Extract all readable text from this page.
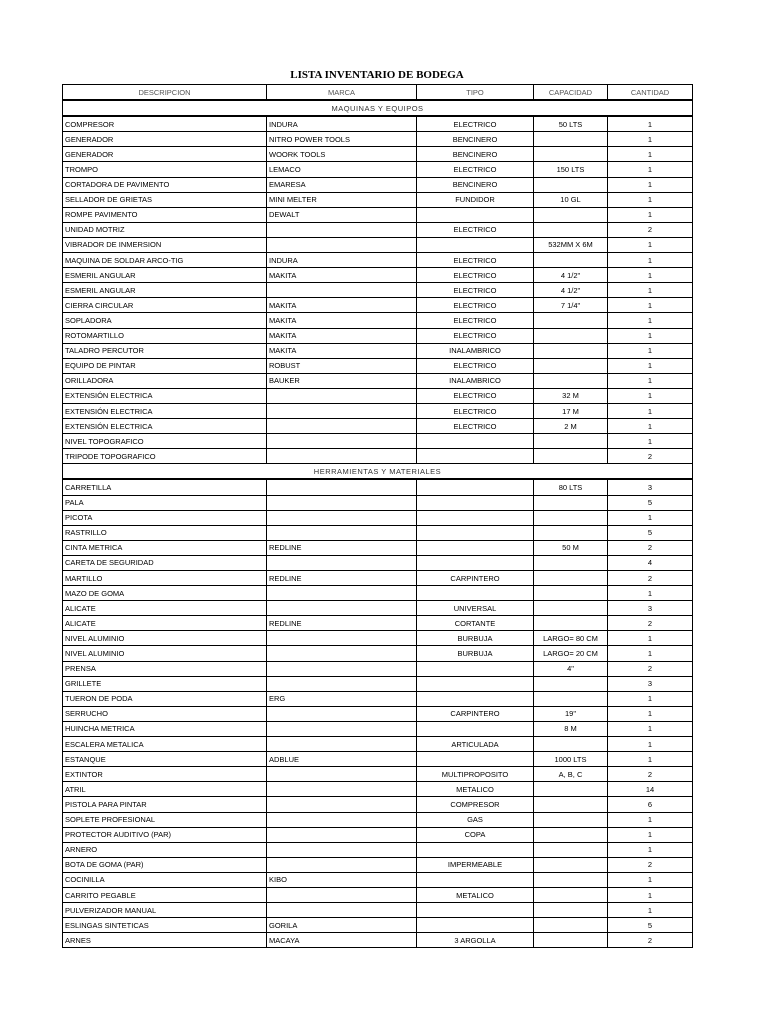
LISTA INVENTARIO DE BODEGA
DESCRIPCION	MARCA	TIPO	CAPACIDAD	CANTIDAD
MAQUINAS Y EQUIPOS				
COMPRESOR	INDURA	ELECTRICO	50 LTS	1
GENERADOR	NITRO POWER TOOLS	BENCINERO		1
GENERADOR	WOORK TOOLS	BENCINERO		1
TROMPO	LEMACO	ELECTRICO	150 LTS	1
CORTADORA DE PAVIMENTO	EMARESA	BENCINERO		1
SELLADOR DE GRIETAS	MINI MELTER	FUNDIDOR	10 GL	1
ROMPE PAVIMENTO	DEWALT			1
UNIDAD MOTRIZ		ELECTRICO		2
VIBRADOR DE INMERSION			532MM X 6M	1
MAQUINA DE SOLDAR ARCO-TIG	INDURA	ELECTRICO		1
ESMERIL ANGULAR	MAKITA	ELECTRICO	4 1/2"	1
ESMERIL ANGULAR		ELECTRICO	4 1/2"	1
CIERRA CIRCULAR	MAKITA	ELECTRICO	7 1/4"	1
SOPLADORA	MAKITA	ELECTRICO		1
ROTOMARTILLO	MAKITA	ELECTRICO		1
TALADRO PERCUTOR	MAKITA	INALAMBRICO		1
EQUIPO DE PINTAR	ROBUST	ELECTRICO		1
ORILLADORA	BAUKER	INALAMBRICO		1
EXTENSIÓN ELECTRICA		ELECTRICO	32 M	1
EXTENSIÓN ELECTRICA		ELECTRICO	17 M	1
EXTENSIÓN ELECTRICA		ELECTRICO	2 M	1
NIVEL TOPOGRAFICO				1
TRIPODE TOPOGRAFICO				2
HERRAMIENTAS Y MATERIALES				
CARRETILLA			80 LTS	3
PALA				5
PICOTA				1
RASTRILLO				5
CINTA METRICA	REDLINE		50 M	2
CARETA DE SEGURIDAD				4
MARTILLO	REDLINE	CARPINTERO		2
MAZO DE GOMA				1
ALICATE		UNIVERSAL		3
ALICATE	REDLINE	CORTANTE		2
NIVEL ALUMINIO		BURBUJA	LARGO= 80 CM	1
NIVEL ALUMINIO		BURBUJA	LARGO= 20 CM	1
PRENSA			4"	2
GRILLETE				3
TUERON DE PODA	ERG			1
SERRUCHO		CARPINTERO	19"	1
HUINCHA METRICA			8 M	1
ESCALERA METALICA		ARTICULADA		1
ESTANQUE	ADBLUE		1000 LTS	1
EXTINTOR		MULTIPROPOSITO	A, B, C	2
ATRIL		METALICO		14
PISTOLA PARA PINTAR		COMPRESOR		6
SOPLETE PROFESIONAL		GAS		1
PROTECTOR AUDITIVO (PAR)		COPA		1
ARNERO				1
BOTA DE GOMA (PAR)		IMPERMEABLE		2
COCINILLA	KIBO			1
CARRITO PEGABLE		METALICO		1
PULVERIZADOR MANUAL				1
ESLINGAS SINTETICAS	GORILA			5
ARNES	MACAYA	3 ARGOLLA		2
